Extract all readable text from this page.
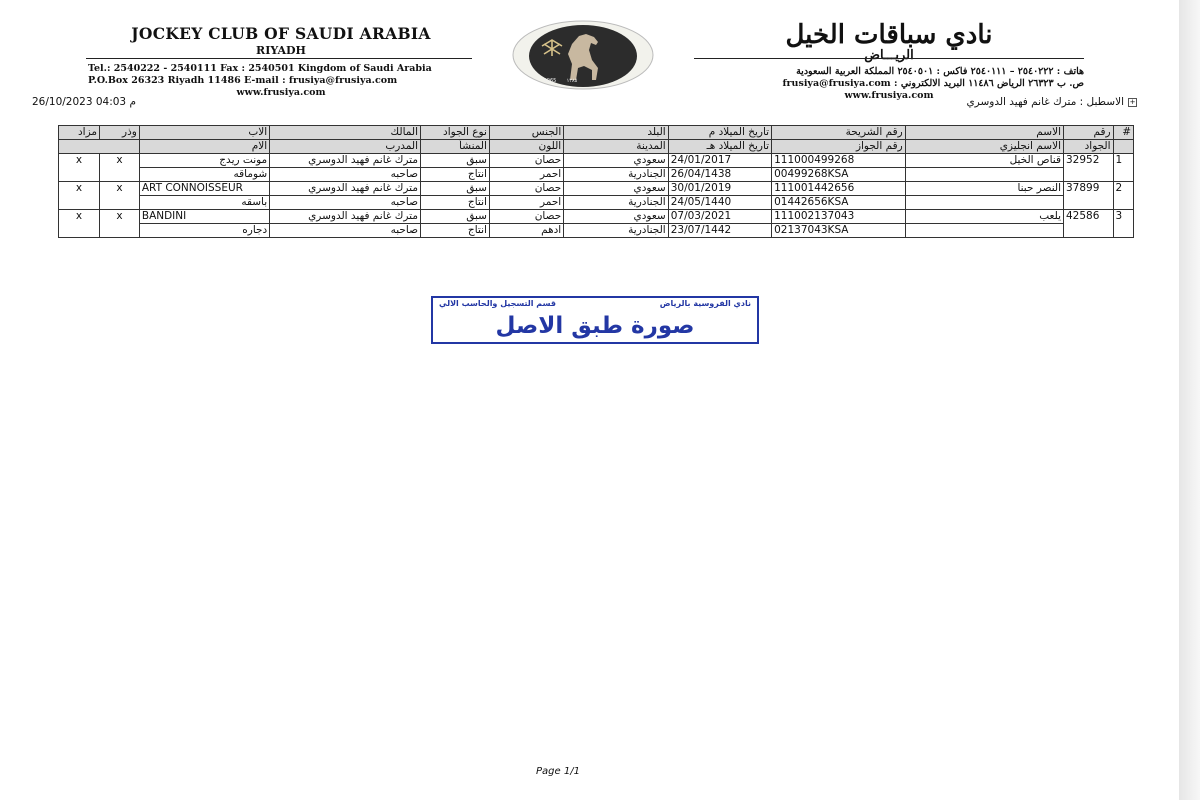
JOCKEY CLUB OF SAUDI ARABIA
RIYADH
Tel.: 2540222 - 2540111 Fax : 2540501 Kingdom of Saudi Arabia
P.O.Box 26323 Riyadh 11486 E-mail : frusiya@frusiya.com
www.frusiya.com
١٣٨٥
1965
نادي سباقات الخيل
الريـــاض
هاتف : ٢٥٤٠٢٢٢ – ٢٥٤٠١١١ فاكس : ٢٥٤٠٥٠١ المملكة العربية السعودية
ص. ب ٢٦٣٢٣ الرياض ١١٤٨٦ البريد الالكتروني : frusiya@frusiya.com
www.frusiya.com
26/10/2023 04:03 م	+
الاسطبل : مترك غانم فهيد الدوسري
#	رقم	الاسم	رقم الشريحة	تاريخ الميلاد م	البلد	الجنس	نوع الجواد	المالك	الاب	وذر	مزاد
	الجواد	الاسم انجليزي	رقم الجواز	تاريخ الميلاد هـ	المدينة	اللون	المنشأ	المدرب	الام		
1	32952	قناص الخيل	111000499268	24/01/2017	سعودي	حصان	سبق	مترك غانم فهيد الدوسري	مونت ريدج	x	x
			00499268KSA	26/04/1438	الجنادرية	احمر	انتاج	صاحبه	شوماقه		
2	37899	النصر حبنا	111001442656	30/01/2019	سعودي	حصان	سبق	مترك غانم فهيد الدوسري	ART CONNOISSEUR	x	x
			01442656KSA	24/05/1440	الجنادرية	احمر	انتاج	صاحبه	باسقه		
3	42586	يلعب	111002137043	07/03/2021	سعودي	حصان	سبق	مترك غانم فهيد الدوسري	BANDINI	x	x
			02137043KSA	23/07/1442	الجنادرية	ادهم	انتاج	صاحبه	دجاره		
نادي الفروسية بالرياض
قسم التسجيل والحاسب الالي
صورة طبق الاصل
Page 1/1
